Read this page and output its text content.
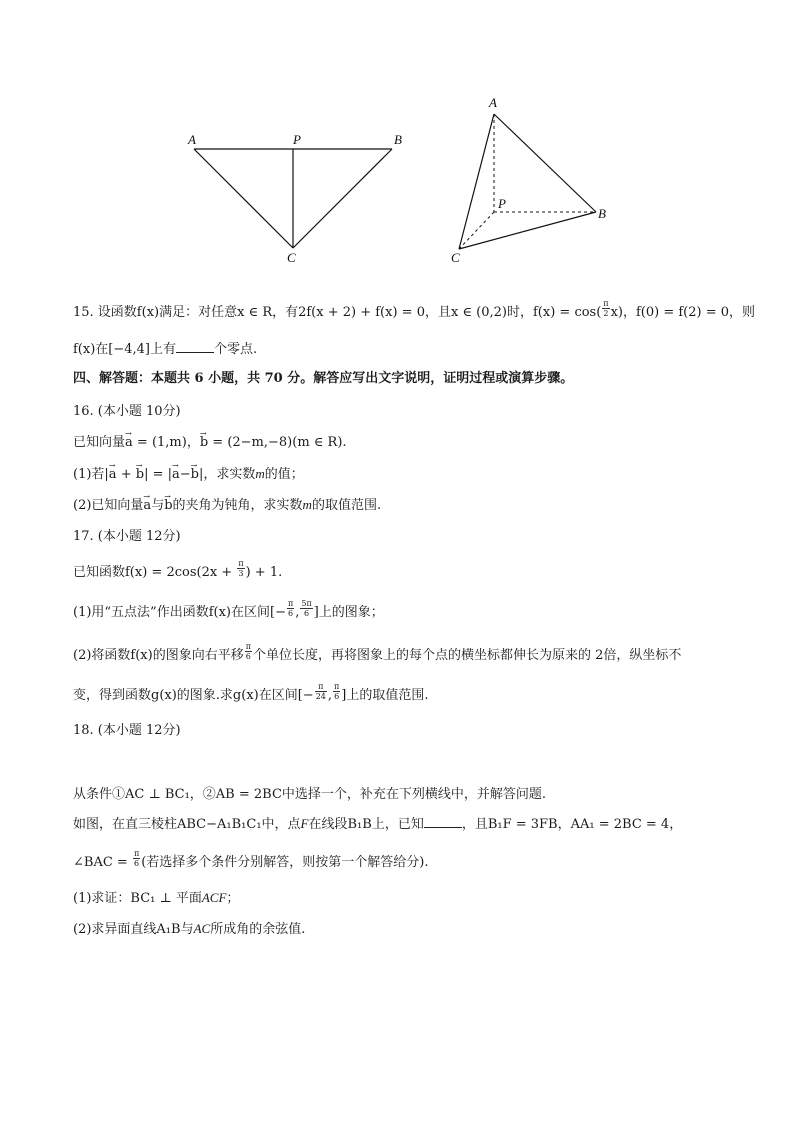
A	P	B
C
A
P
B
C
15. 设函数f(x)满足：对任意x ∈ R，有2f(x + 2) + f(x) = 0，且x ∈ (0,2)时，$f(x) = \cos( \frac{\pi}{2} x)$，f(0) = f(2) = 0，则
f(x)在[−4,4]上有	个零点.
四、解答题：本题共 6 小题，共 70 分。解答应写出文字说明，证明过程或演算步骤。
16. (本小题 10分)
已知向量→ a = (1,m)，→ b = (2−m,−8)(m ∈ R).
(1)若|→ a + → b| = |→ a−→ b|，求实数m的值；
(2)已知向量→ a与→ b的夹角为钝角，求实数m的取值范围.
17. (本小题 12分)
已知函数$f(x) = 2\cos(2x + \frac{\pi}{3}$ ) + 1.
(1)用“五点法”作出函数f(x)在区间[− $\frac{\pi}{6}$ , $\frac{5\pi}{6}$ ]上的图象；
(2)将函数f(x)的图象向右平移 $\frac{\pi}{6}$ 个单位长度，再将图象上的每个点的横坐标都伸长为原来的 2倍，纵坐标不
变，得到函数g(x)的图象.求g(x)在区间[− $\frac{\pi}{24}$ , $\frac{\pi}{6}$ ]上的取值范围.
18. (本小题 12分)
从条件①AC ⊥ BC₁，②AB = 2BC中选择一个，补充在下列横线中，并解答问题.
如图，在直三棱柱ABC−A₁B₁C₁中，点F在线段B₁B上，已知	，且B₁F = 3FB，AA₁ = 2BC = 4，
∠BAC = $\frac{\pi}{6}$ (若选择多个条件分别解答，则按第一个解答给分).
(1)求证：BC₁ ⊥ 平面ACF；
(2)求异面直线A₁B与AC所成角的余弦值.
